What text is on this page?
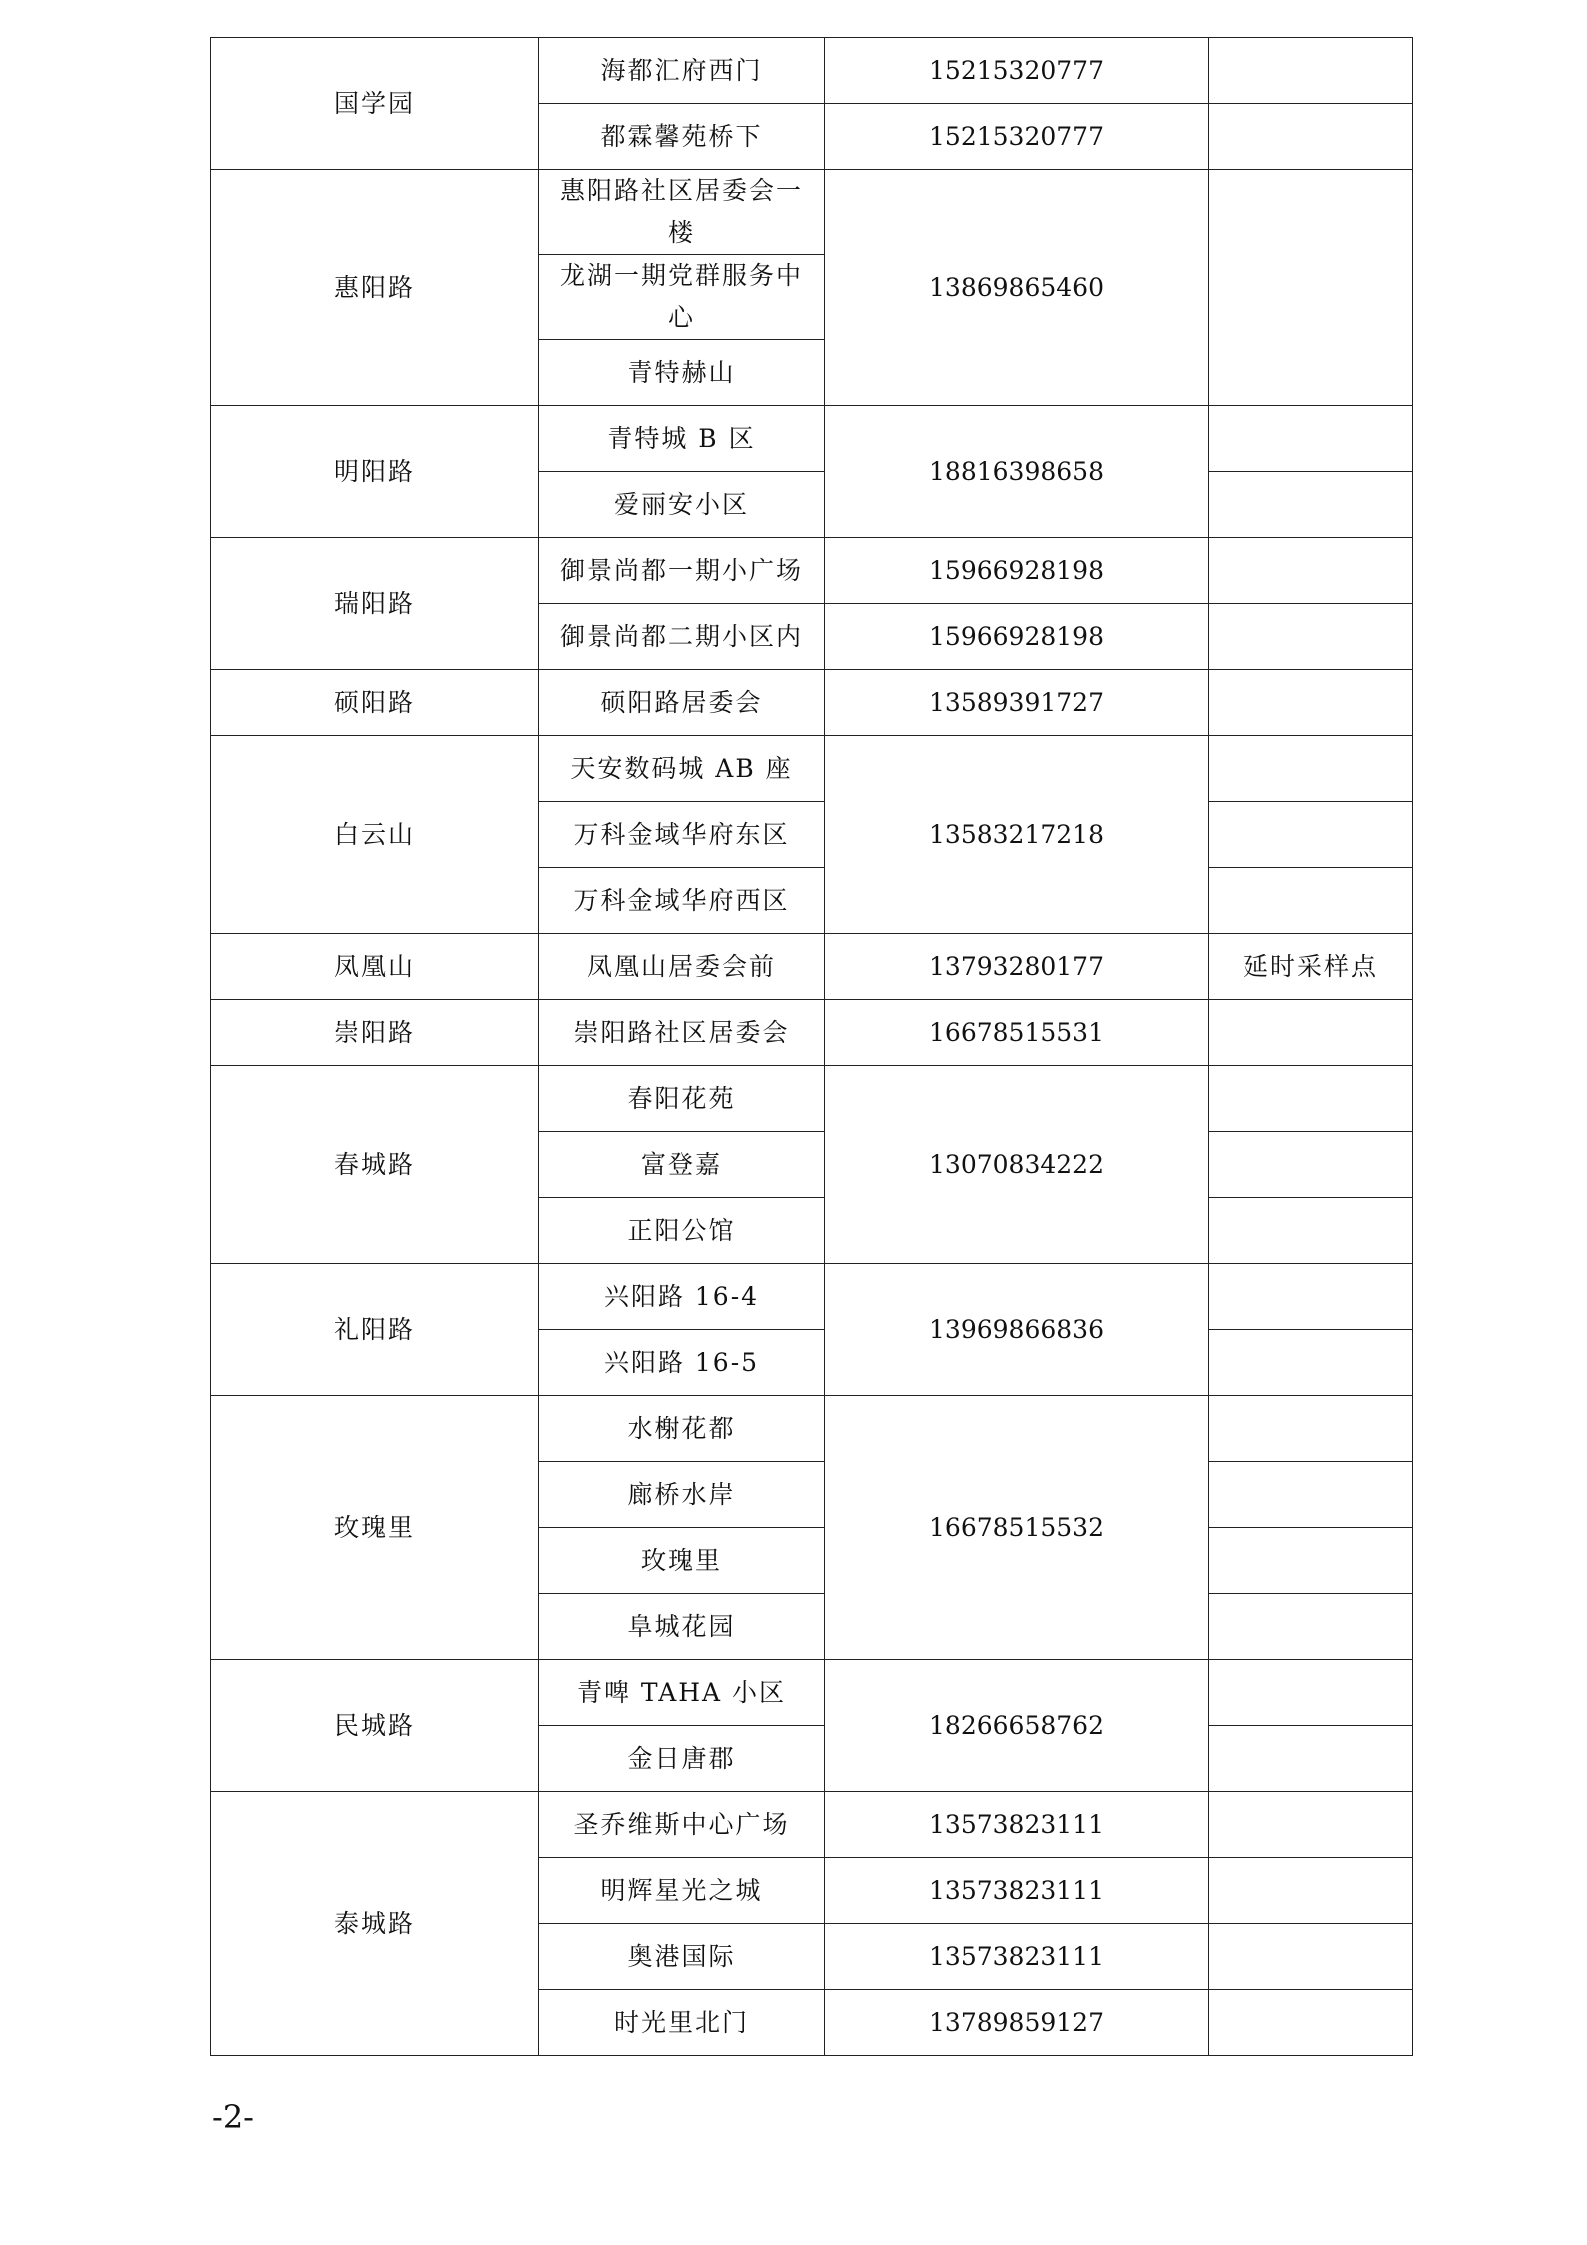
国学园	海都汇府西门	15215320777	
	都霖馨苑桥下	15215320777	
惠阳路	惠阳路社区居委会一楼	13869865460	
	龙湖一期党群服务中心		
	青特赫山		
明阳路	青特城 B 区	18816398658	
	爱丽安小区		
瑞阳路	御景尚都一期小广场	15966928198	
	御景尚都二期小区内	15966928198	
硕阳路	硕阳路居委会	13589391727	
白云山	天安数码城 AB 座	13583217218	
	万科金域华府东区		
	万科金域华府西区		
凤凰山	凤凰山居委会前	13793280177	延时采样点
崇阳路	崇阳路社区居委会	16678515531	
春城路	春阳花苑	13070834222	
	富登嘉		
	正阳公馆		
礼阳路	兴阳路 16-4	13969866836	
	兴阳路 16-5		
玫瑰里	水榭花都	16678515532	
	廊桥水岸		
	玫瑰里		
	阜城花园		
民城路	青啤 TAHA 小区	18266658762	
	金日唐郡		
泰城路	圣乔维斯中心广场	13573823111	
	明辉星光之城	13573823111	
	奥港国际	13573823111	
	时光里北门	13789859127	
-2-
